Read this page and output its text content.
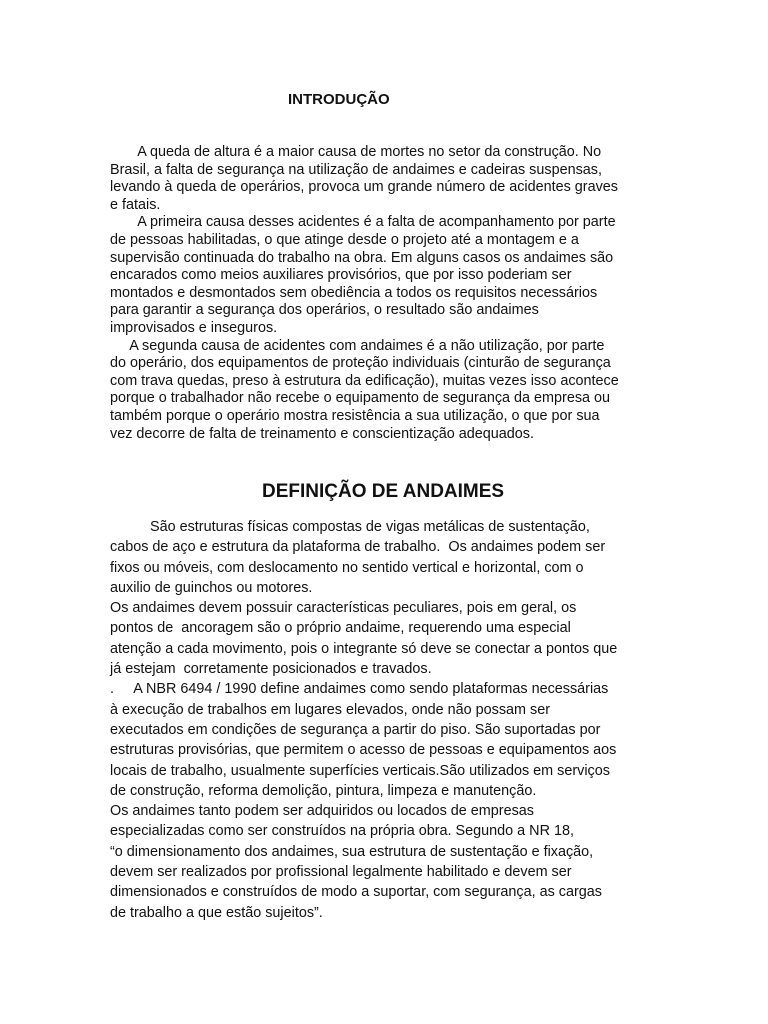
INTRODUÇÃO

A queda de altura é a maior causa de mortes no setor da construção. No
Brasil, a falta de segurança na utilização de andaimes e cadeiras suspensas,
levando à queda de operários, provoca um grande número de acidentes graves
e fatais.

A primeira causa desses acidentes é a falta de acompanhamento por parte
de pessoas habilitadas, o que atinge desde o projeto até a montagem e a
supervisão continuada do trabalho na obra. Em alguns casos os andaimes são
encarados como meios auxiliares provisórios, que por isso poderiam ser
montados e desmontados sem obediência a todos os requisitos necessários
para garantir a segurança dos operários, o resultado são andaimes
improvisados e inseguros.

A segunda causa de acidentes com andaimes é a não utilização, por parte
do operário, dos equipamentos de proteção individuais (cinturão de segurança
com trava quedas, preso à estrutura da edificação), muitas vezes isso acontece
porque o trabalhador não recebe o equipamento de segurança da empresa ou
também porque o operário mostra resistência a sua utilização, o que por sua
vez decorre de falta de treinamento e conscientização adequados.

DEFINIÇÃO DE ANDAIMES

São estruturas físicas compostas de vigas metálicas de sustentação,
cabos de aço e estrutura da plataforma de trabalho.  Os andaimes podem ser
fixos ou móveis, com deslocamento no sentido vertical e horizontal, com o
auxilio de guinchos ou motores.

Os andaimes devem possuir características peculiares, pois em geral, os
pontos de  ancoragem são o próprio andaime, requerendo uma especial
atenção a cada movimento, pois o integrante só deve se conectar a pontos que
já estejam  corretamente posicionados e travados.

.     A NBR 6494 / 1990 define andaimes como sendo plataformas necessárias
à execução de trabalhos em lugares elevados, onde não possam ser
executados em condições de segurança a partir do piso. São suportadas por
estruturas provisórias, que permitem o acesso de pessoas e equipamentos aos
locais de trabalho, usualmente superfícies verticais.São utilizados em serviços
de construção, reforma demolição, pintura, limpeza e manutenção.

Os andaimes tanto podem ser adquiridos ou locados de empresas
especializadas como ser construídos na própria obra. Segundo a NR 18,
“o dimensionamento dos andaimes, sua estrutura de sustentação e fixação,
devem ser realizados por profissional legalmente habilitado e devem ser
dimensionados e construídos de modo a suportar, com segurança, as cargas
de trabalho a que estão sujeitos”.
